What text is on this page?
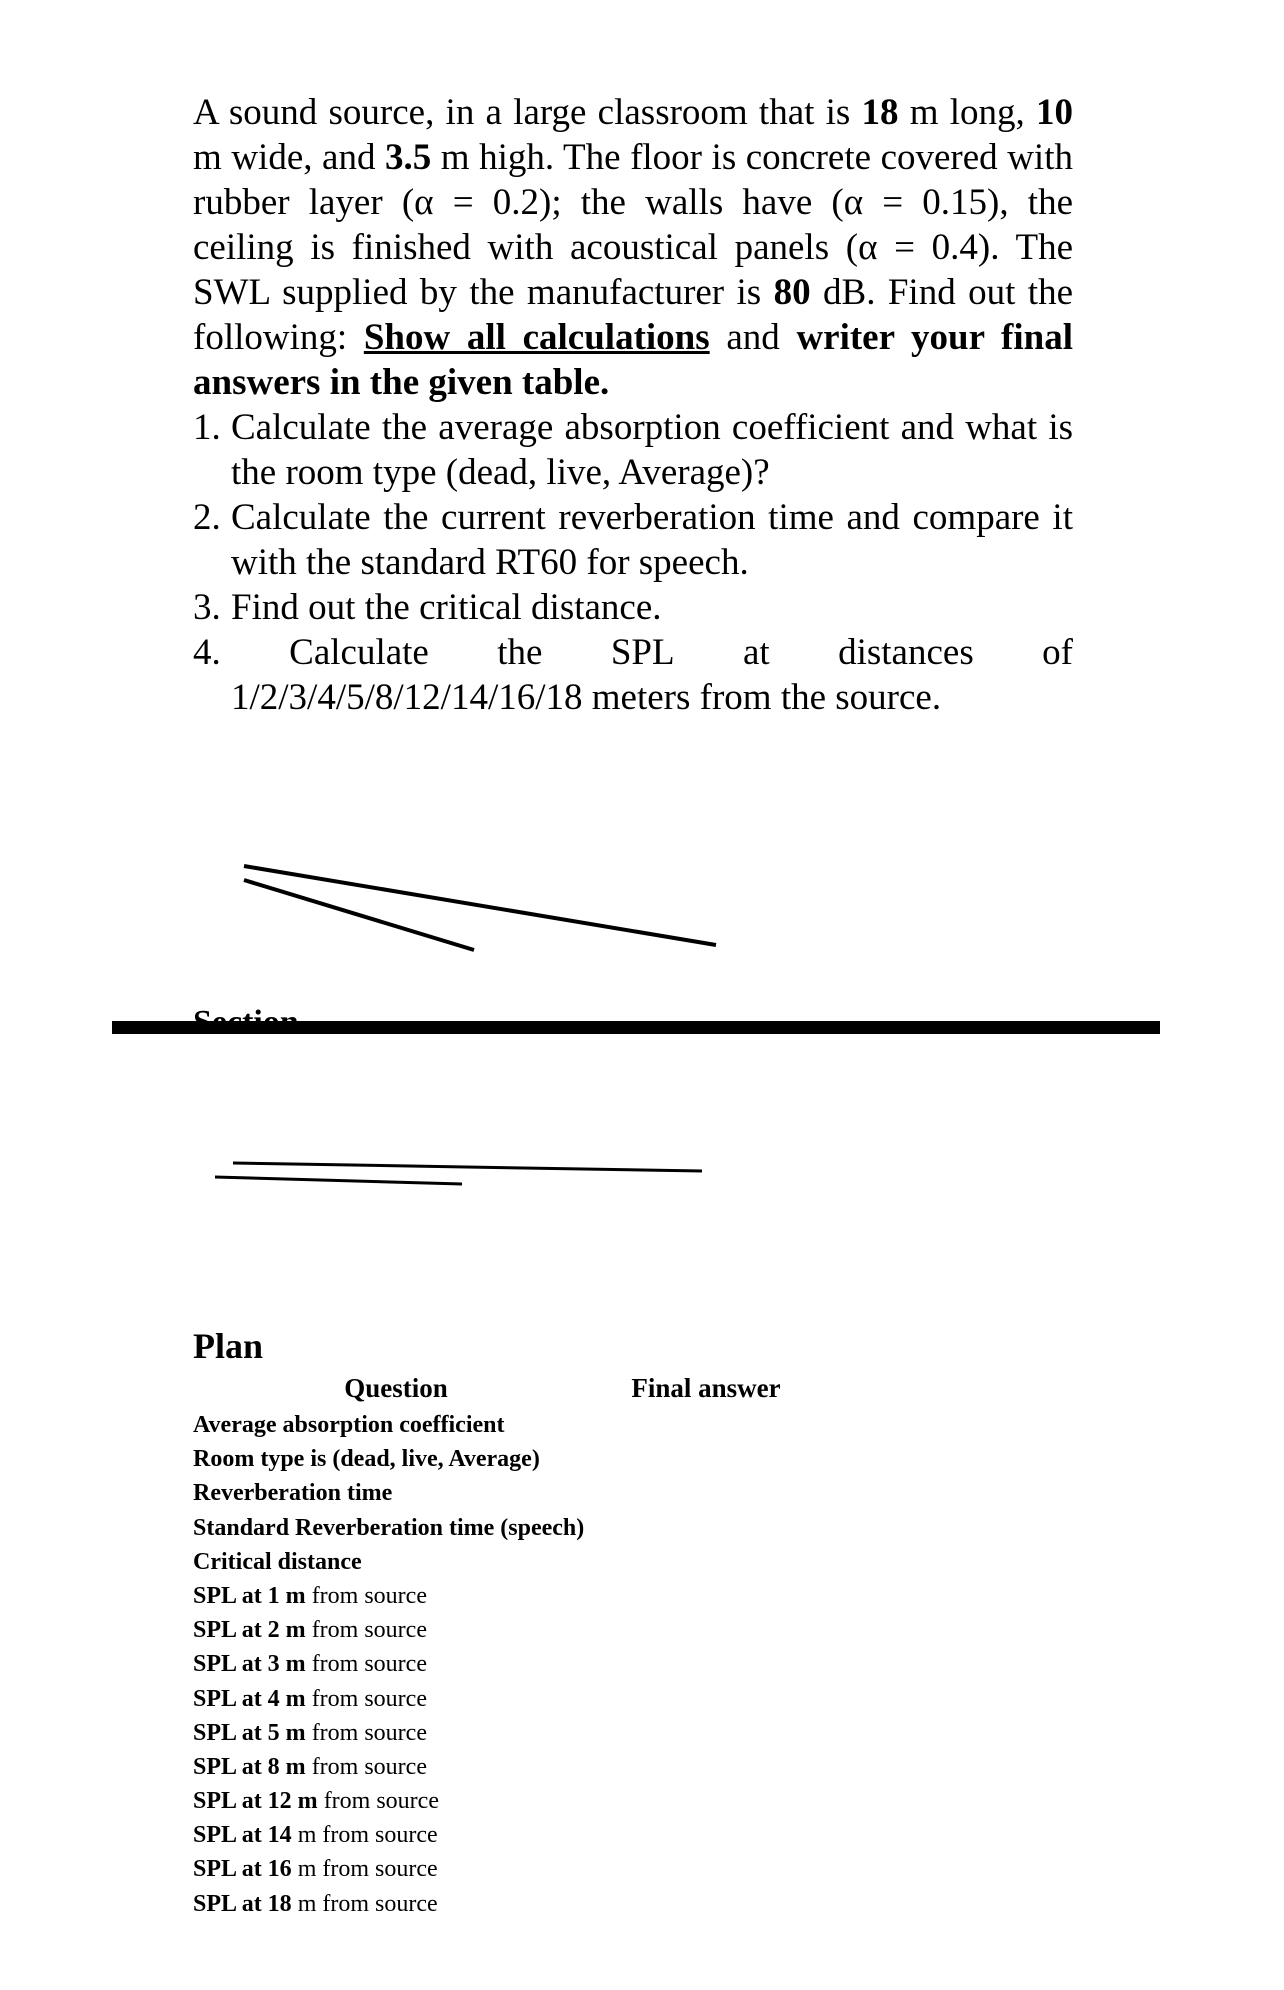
A sound source, in a large classroom that is 18 m long, 10 m wide, and 3.5 m high. The floor is concrete covered with rubber layer (α = 0.2); the walls have (α = 0.15), the ceiling is finished with acoustical panels (α = 0.4). The SWL supplied by the manufacturer is 80 dB. Find out the following: Show all calculations and writer your final answers in the given table.

1. Calculate the average absorption coefficient and what is the room type (dead, live, Average)?
2. Calculate the current reverberation time and compare it with the standard RT60 for speech.
3. Find out the critical distance.
4. Calculate the SPL at distances of
1/2/3/4/5/8/12/14/16/18 meters from the source.
Section
Plan
Question	Final answer
Average absorption coefficient
Room type is (dead, live, Average)
Reverberation time
Standard Reverberation time (speech)
Critical distance
SPL at 1 m from source
SPL at 2 m from source
SPL at 3 m from source
SPL at 4 m from source
SPL at 5 m from source
SPL at 8 m from source
SPL at 12 m from source
SPL at 14 m from source
SPL at 16 m from source
SPL at 18 m from source
